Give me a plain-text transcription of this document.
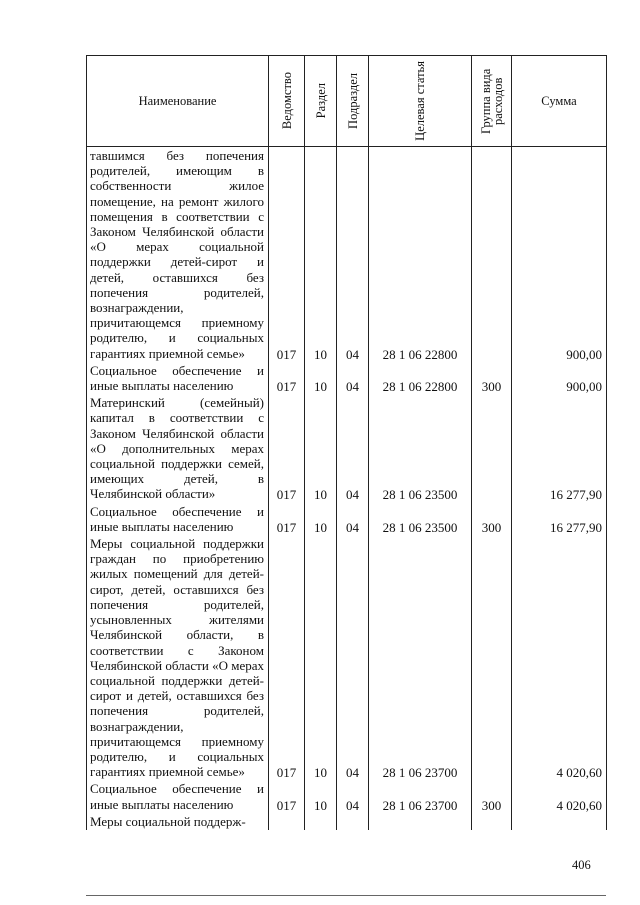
Наименование	Ведомство	Раздел	Подраздел	Целевая статья	Группа вида расходов	Сумма
тавшимся без попечения родителей, имеющим в собственности жилое помещение, на ремонт жилого помещения в соответствии с Законом Челябинской области «О мерах социальной поддержки детей-сирот и детей, оставшихся без попечения родителей, вознаграждении, причитающемся приемному родителю, и социальных гарантиях приемной семье»	017	10	04	28 1 06 22800		900,00
Социальное обеспечение и иные выплаты населению	017	10	04	28 1 06 22800	300	900,00
Материнский (семейный) капитал в соответствии с Законом Челябинской области «О дополнительных мерах социальной поддержки семей, имеющих детей, в Челябинской области»	017	10	04	28 1 06 23500		16 277,90
Социальное обеспечение и иные выплаты населению	017	10	04	28 1 06 23500	300	16 277,90
Меры социальной поддержки граждан по приобретению жилых помещений для детей-сирот, детей, оставшихся без попечения родителей, усыновленных жителями Челябинской области, в соответствии с Законом Челябинской области «О мерах социальной поддержки детей-сирот и детей, оставшихся без попечения родителей, вознаграждении, причитающемся приемному родителю, и социальных гарантиях приемной семье»	017	10	04	28 1 06 23700		4 020,60
Социальное обеспечение и иные выплаты населению	017	10	04	28 1 06 23700	300	4 020,60
Меры социальной поддерж-						
406
